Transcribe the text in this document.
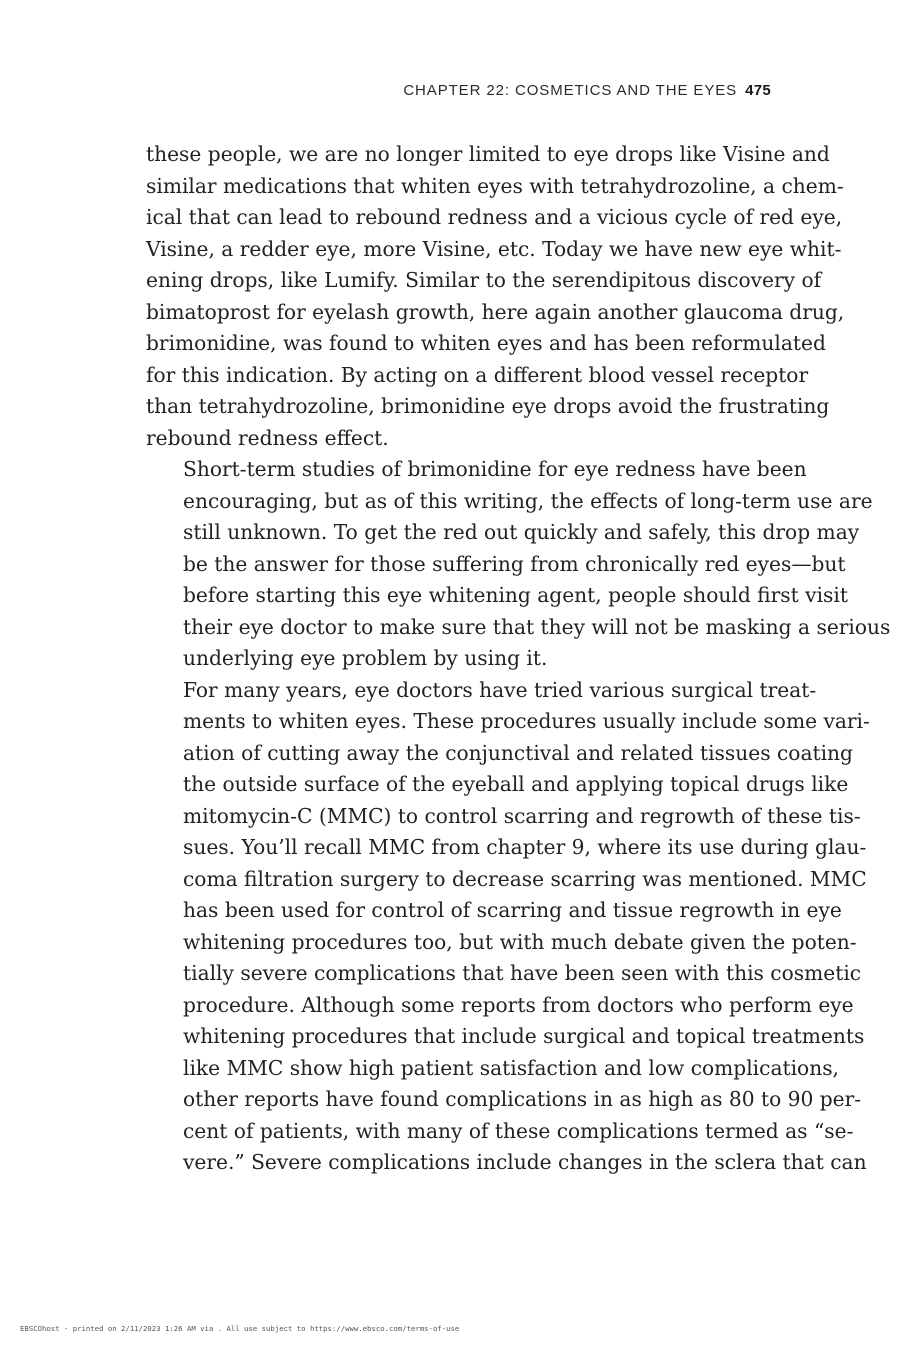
CHAPTER 22: COSMETICS AND THE EYES 475

these people, we are no longer limited to eye drops like Visine and
similar medications that whiten eyes with tetrahydrozoline, a chem-
ical that can lead to rebound redness and a vicious cycle of red eye,
Visine, a redder eye, more Visine, etc. Today we have new eye whit-
ening drops, like Lumify. Similar to the serendipitous discovery of
bimatoprost for eyelash growth, here again another glaucoma drug,
brimonidine, was found to whiten eyes and has been reformulated
for this indication. By acting on a different blood vessel receptor
than tetrahydrozoline, brimonidine eye drops avoid the frustrating
rebound redness effect.

Short-term studies of brimonidine for eye redness have been
encouraging, but as of this writing, the effects of long-term use are
still unknown. To get the red out quickly and safely, this drop may
be the answer for those suffering from chronically red eyes—but
before starting this eye whitening agent, people should first visit
their eye doctor to make sure that they will not be masking a serious
underlying eye problem by using it.

For many years, eye doctors have tried various surgical treat-
ments to whiten eyes. These procedures usually include some vari-
ation of cutting away the conjunctival and related tissues coating
the outside surface of the eyeball and applying topical drugs like
mitomycin-C (MMC) to control scarring and regrowth of these tis-
sues. You’ll recall MMC from chapter 9, where its use during glau-
coma filtration surgery to decrease scarring was mentioned. MMC
has been used for control of scarring and tissue regrowth in eye
whitening procedures too, but with much debate given the poten-
tially severe complications that have been seen with this cosmetic
procedure. Although some reports from doctors who perform eye
whitening procedures that include surgical and topical treatments
like MMC show high patient satisfaction and low complications,
other reports have found complications in as high as 80 to 90 per-
cent of patients, with many of these complications termed as “se-
vere.” Severe complications include changes in the sclera that can

EBSCOhost - printed on 2/11/2023 1:26 AM via . All use subject to https://www.ebsco.com/terms-of-use
